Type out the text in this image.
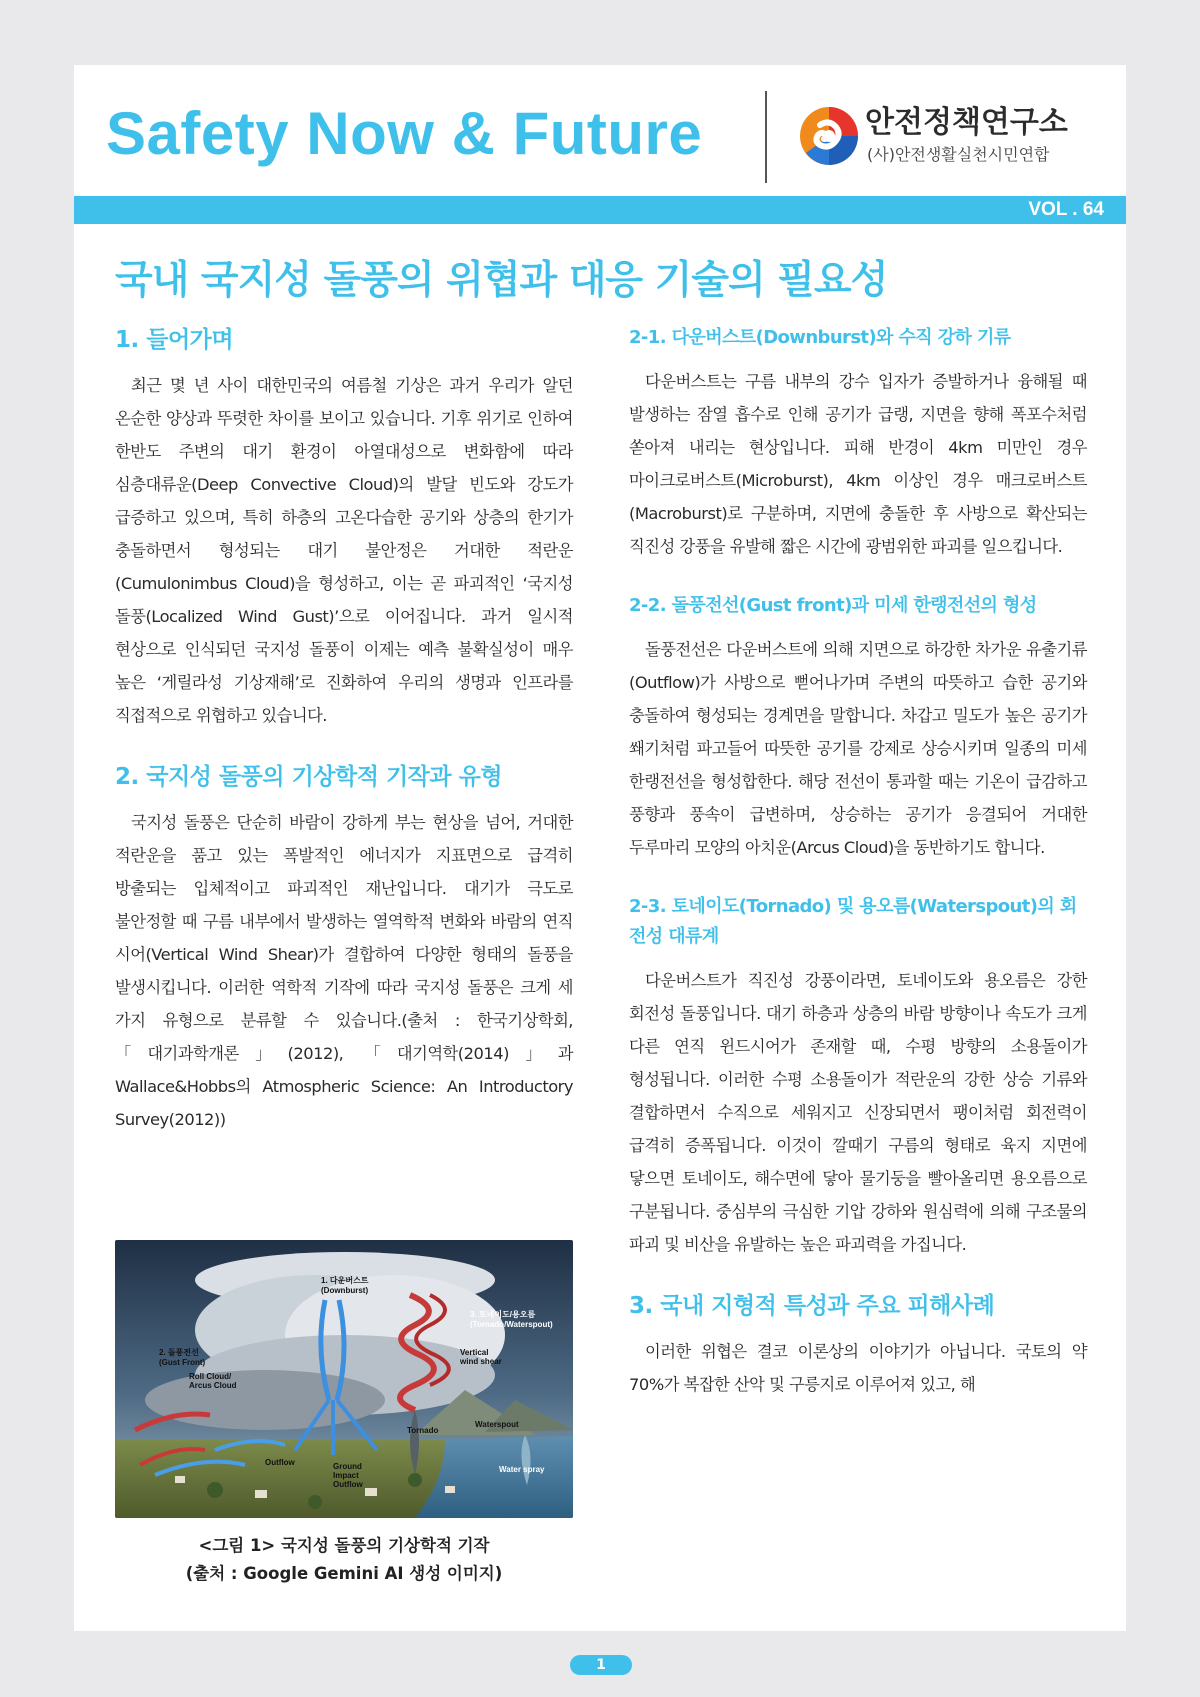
Safety Now & Future	안전정책연구소
(사)안전생활실천시민연합
VOL . 64
국내 국지성 돌풍의 위협과 대응 기술의 필요성
1. 들어가며

최근 몇 년 사이 대한민국의 여름철 기상은 과거 우리가 알던 온순한 양상과 뚜렷한 차이를 보이고 있습니다. 기후 위기로 인하여 한반도 주변의 대기 환경이 아열대성으로 변화함에 따라 심층대류운(Deep Convective Cloud)의 발달 빈도와 강도가 급증하고 있으며, 특히 하층의 고온다습한 공기와 상층의 한기가 충돌하면서 형성되는 대기 불안정은 거대한 적란운(Cumulonimbus Cloud)을 형성하고, 이는 곧 파괴적인 ‘국지성 돌풍(Localized Wind Gust)’으로 이어집니다. 과거 일시적 현상으로 인식되던 국지성 돌풍이 이제는 예측 불확실성이 매우 높은 ‘게릴라성 기상재해’로 진화하여 우리의 생명과 인프라를 직접적으로 위협하고 있습니다.

2. 국지성 돌풍의 기상학적 기작과 유형

국지성 돌풍은 단순히 바람이 강하게 부는 현상을 넘어, 거대한 적란운을 품고 있는 폭발적인 에너지가 지표면으로 급격히 방출되는 입체적이고 파괴적인 재난입니다. 대기가 극도로 불안정할 때 구름 내부에서 발생하는 열역학적 변화와 바람의 연직 시어(Vertical Wind Shear)가 결합하여 다양한 형태의 돌풍을 발생시킵니다. 이러한 역학적 기작에 따라 국지성 돌풍은 크게 세 가지 유형으로 분류할 수 있습니다.(출처 : 한국기상학회, 「대기과학개론」(2012), 「대기역학(2014)」과 Wallace&Hobbs의 Atmospheric Science: An Introductory Survey(2012))

1. 다운버스트
(Downburst)
2. 돌풍전선
(Gust Front)
Roll Cloud/
Arcus Cloud
3. 토네이도/용오름
(Tornado/Waterspout)
Vertical
wind shear
Tornado
Waterspout
Outflow	Ground
Impact
Outflow
Water spray
<그림 1> 국지성 돌풍의 기상학적 기작
(출처 : Google Gemini AI 생성 이미지)
2-1. 다운버스트(Downburst)와 수직 강하 기류

다운버스트는 구름 내부의 강수 입자가 증발하거나 융해될 때 발생하는 잠열 흡수로 인해 공기가 급랭, 지면을 향해 폭포수처럼 쏟아져 내리는 현상입니다. 피해 반경이 4km 미만인 경우 마이크로버스트(Microburst), 4km 이상인 경우 매크로버스트(Macroburst)로 구분하며, 지면에 충돌한 후 사방으로 확산되는 직진성 강풍을 유발해 짧은 시간에 광범위한 파괴를 일으킵니다.

2-2. 돌풍전선(Gust front)과 미세 한랭전선의 형성

돌풍전선은 다운버스트에 의해 지면으로 하강한 차가운 유출기류(Outflow)가 사방으로 뻗어나가며 주변의 따뜻하고 습한 공기와 충돌하여 형성되는 경계면을 말합니다. 차갑고 밀도가 높은 공기가 쐐기처럼 파고들어 따뜻한 공기를 강제로 상승시키며 일종의 미세 한랭전선을 형성합한다. 해당 전선이 통과할 때는 기온이 급감하고 풍향과 풍속이 급변하며, 상승하는 공기가 응결되어 거대한 두루마리 모양의 아치운(Arcus Cloud)을 동반하기도 합니다.

2-3. 토네이도(Tornado) 및 용오름(Waterspout)의 회전성 대류계

다운버스트가 직진성 강풍이라면, 토네이도와 용오름은 강한 회전성 돌풍입니다. 대기 하층과 상층의 바람 방향이나 속도가 크게 다른 연직 윈드시어가 존재할 때, 수평 방향의 소용돌이가 형성됩니다. 이러한 수평 소용돌이가 적란운의 강한 상승 기류와 결합하면서 수직으로 세워지고 신장되면서 팽이처럼 회전력이 급격히 증폭됩니다. 이것이 깔때기 구름의 형태로 육지 지면에 닿으면 토네이도, 해수면에 닿아 물기둥을 빨아올리면 용오름으로 구분됩니다. 중심부의 극심한 기압 강하와 원심력에 의해 구조물의 파괴 및 비산을 유발하는 높은 파괴력을 가집니다.

3. 국내 지형적 특성과 주요 피해사례

이러한 위협은 결코 이론상의 이야기가 아닙니다. 국토의 약 70%가 복잡한 산악 및 구릉지로 이루어져 있고, 해

1
